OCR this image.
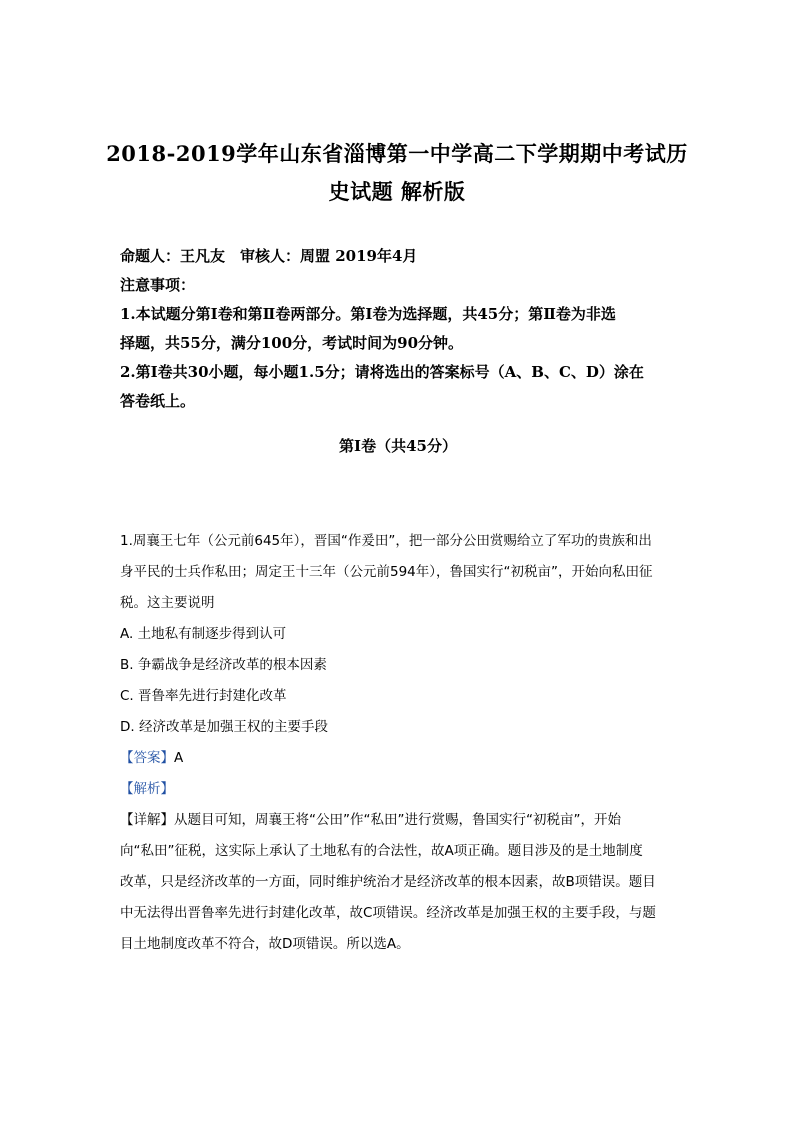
2018-2019学年山东省淄博第一中学高二下学期期中考试历
史试题 解析版
命题人：王凡友　审核人：周盟 2019年4月
注意事项：
1.本试题分第Ⅰ卷和第Ⅱ卷两部分。第Ⅰ卷为选择题，共45分；第Ⅱ卷为非选
择题，共55分，满分100分，考试时间为90分钟。
2.第Ⅰ卷共30小题，每小题1.5分；请将选出的答案标号（A、B、C、D）涂在
答卷纸上。
第Ⅰ卷（共45分）
1.周襄王七年（公元前645年），晋国“作爰田”，把一部分公田赏赐给立了军功的贵族和出
身平民的士兵作私田；周定王十三年（公元前594年），鲁国实行“初税亩”，开始向私田征
税。这主要说明
A. 土地私有制逐步得到认可
B. 争霸战争是经济改革的根本因素
C. 晋鲁率先进行封建化改革
D. 经济改革是加强王权的主要手段
【答案】A
【解析】
【详解】从题目可知，周襄王将“公田”作“私田”进行赏赐，鲁国实行“初税亩”，开始
向“私田”征税，这实际上承认了土地私有的合法性，故A项正确。题目涉及的是土地制度
改革，只是经济改革的一方面，同时维护统治才是经济改革的根本因素，故B项错误。题目
中无法得出晋鲁率先进行封建化改革，故C项错误。经济改革是加强王权的主要手段，与题
目土地制度改革不符合，故D项错误。所以选A。
